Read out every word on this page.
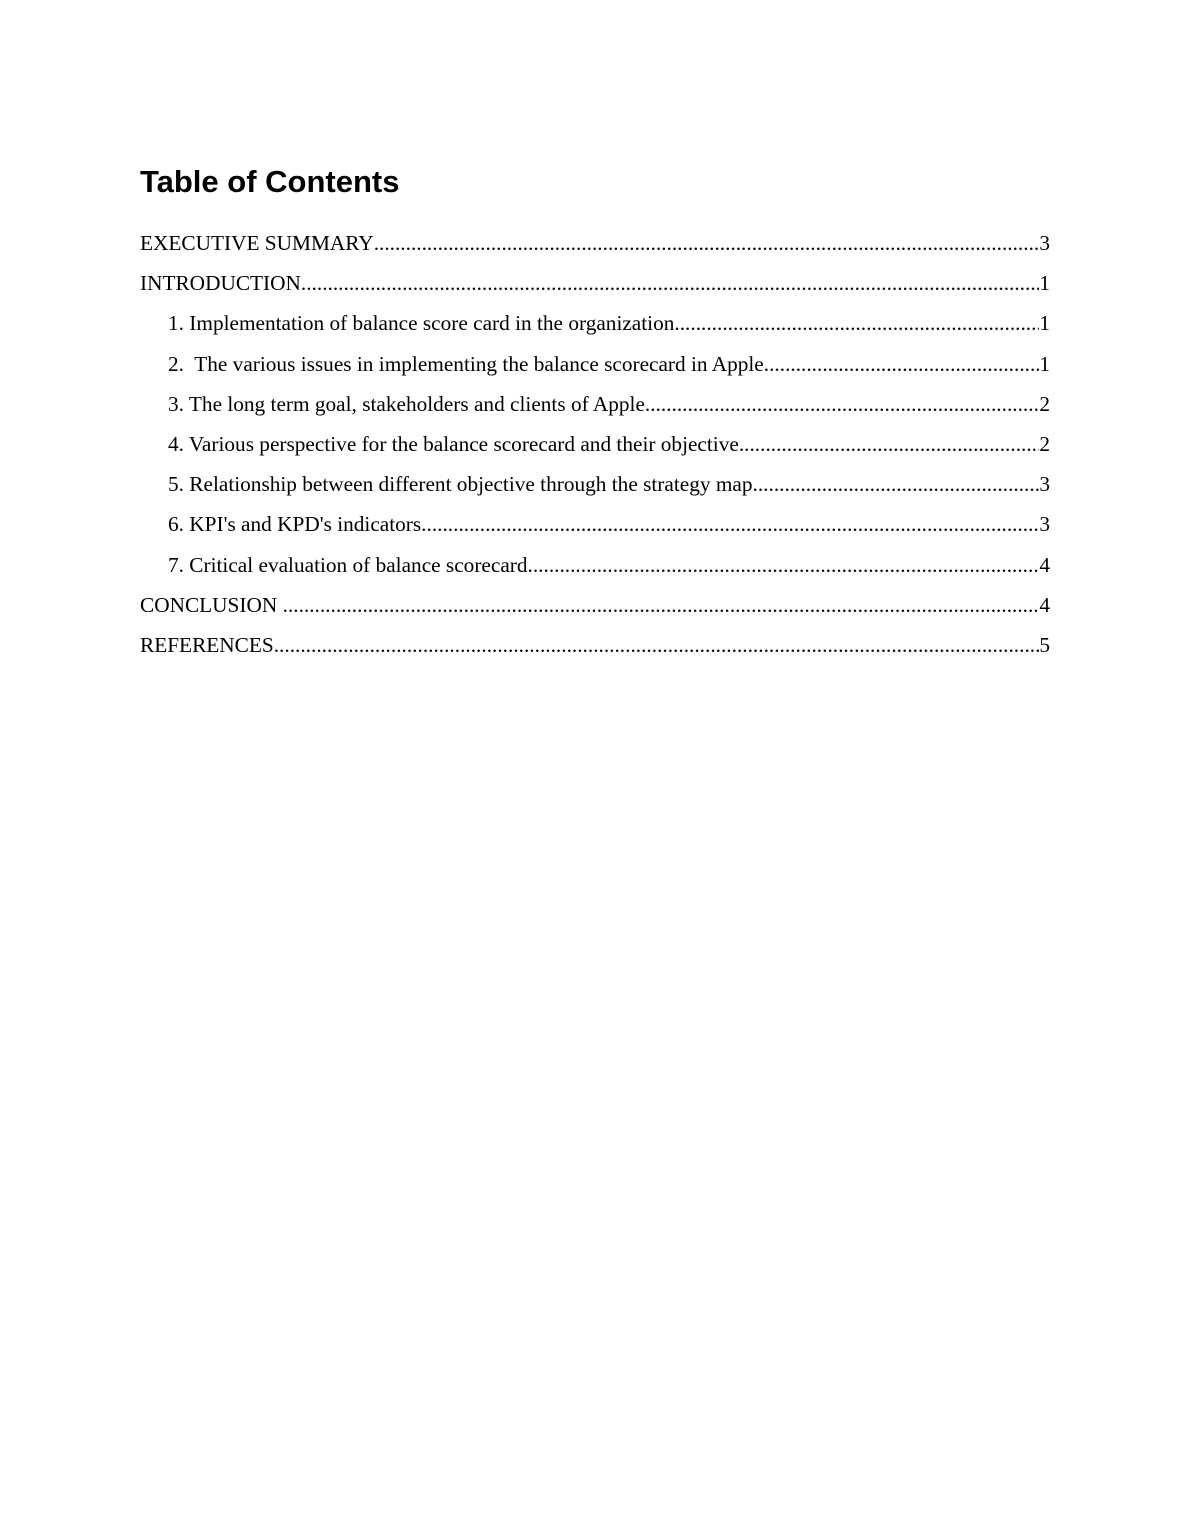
Table of Contents
EXECUTIVE SUMMARY .....	3
INTRODUCTION .....	1
1. Implementation of balance score card in the organization .....	1
2.  The various issues in implementing the balance scorecard in Apple .....	1
3. The long term goal, stakeholders and clients of Apple .....	2
4. Various perspective for the balance scorecard and their objective .....	2
5. Relationship between different objective through the strategy map .....	3
6. KPI's and KPD's indicators .....	3
7. Critical evaluation of balance scorecard .....	4
CONCLUSION .....	4
REFERENCES .....	5
